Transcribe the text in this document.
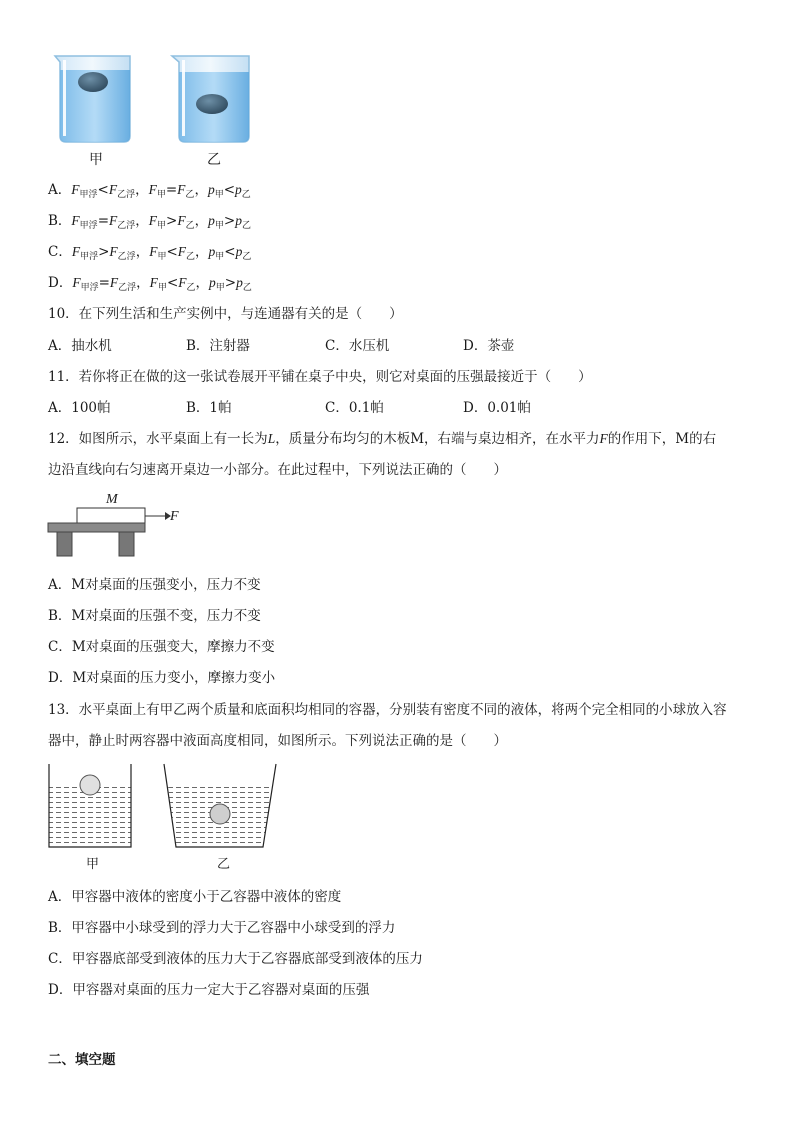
甲	乙
A．$F_{甲浮}<F_{乙浮}$，$F_甲=F_乙$，$p_甲<p_乙$
B．$F_{甲浮}=F_{乙浮}$，$F_甲>F_乙$，$p_甲>p_乙$
C．$F_{甲浮}>F_{乙浮}$，$F_甲<F_乙$，$p_甲<p_乙$
D．$F_{甲浮}=F_{乙浮}$，$F_甲<F_乙$，$p_甲>p_乙$
10．在下列生活和生产实例中，与连通器有关的是（　　）
A．抽水机	B．注射器	C．水压机	D．茶壶
11．若你将正在做的这一张试卷展开平铺在桌子中央，则它对桌面的压强最接近于（　　）
A．100帕	B．1帕	C．0.1帕	D．0.01帕
12．如图所示，水平桌面上有一长为L，质量分布均匀的木板M，右端与桌边相齐，在水平力F的作用下，M的右
边沿直线向右匀速离开桌边一小部分。在此过程中，下列说法正确的（　　）
M
F
A．M对桌面的压强变小，压力不变
B．M对桌面的压强不变，压力不变
C．M对桌面的压强变大，摩擦力不变
D．M对桌面的压力变小，摩擦力变小
13．水平桌面上有甲乙两个质量和底面积均相同的容器，分别装有密度不同的液体，将两个完全相同的小球放入容
器中，静止时两容器中液面高度相同，如图所示。下列说法正确的是（　　）
甲	乙
A．甲容器中液体的密度小于乙容器中液体的密度
B．甲容器中小球受到的浮力大于乙容器中小球受到的浮力
C．甲容器底部受到液体的压力大于乙容器底部受到液体的压力
D．甲容器对桌面的压力一定大于乙容器对桌面的压强
二、填空题
